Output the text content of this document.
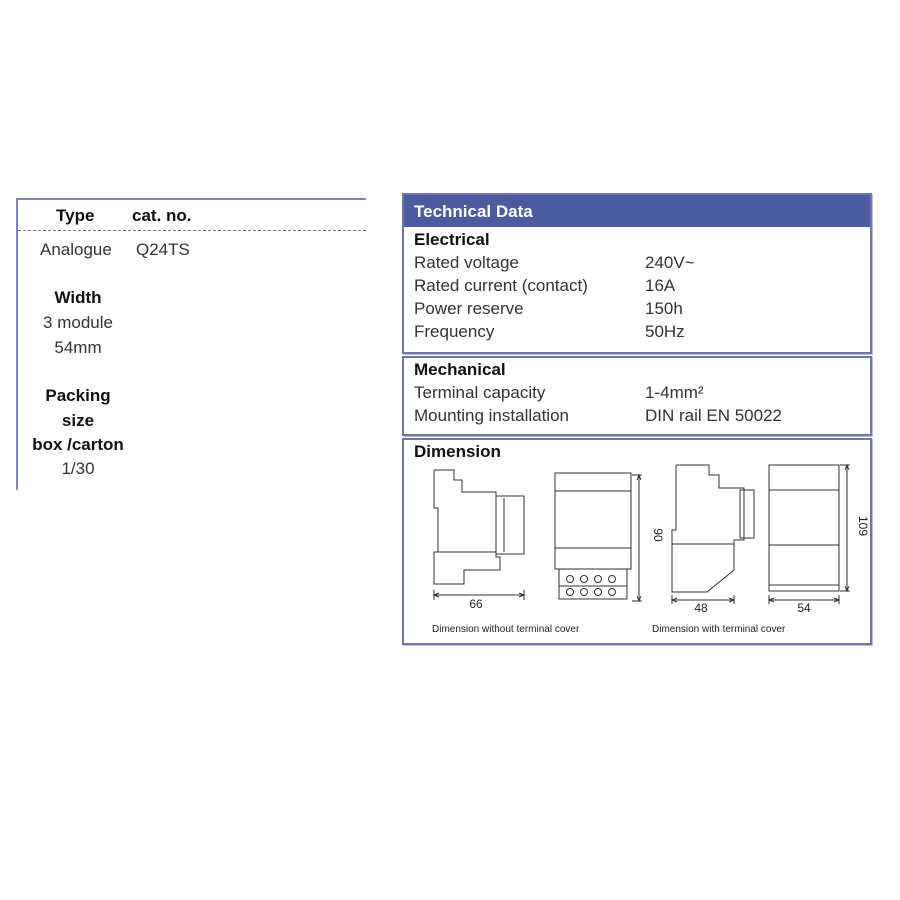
Type cat. no.
Analogue Q24TS
Width
3 module
54mm
Packing
size
box /carton
1/30
Technical Data
Electrical
Rated voltage	240V~
Rated current (contact)	16A
Power reserve	150h
Frequency	50Hz
Mechanical
Terminal capacity	1-4mm²
Mounting installation	DIN rail EN 50022
Dimension
66
90
48
109
54
Dimension without terminal cover	Dimension with terminal cover
